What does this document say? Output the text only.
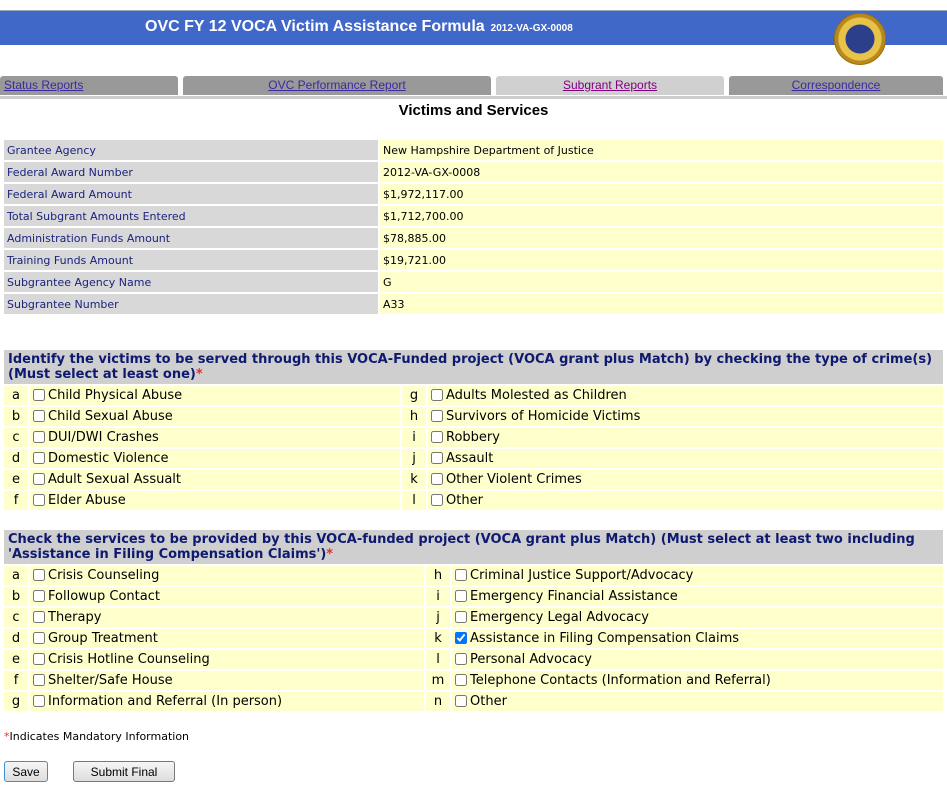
OVC FY 12 VOCA Victim Assistance Formula 2012-VA-GX-0008
Status Reports	OVC Performance Report	Subgrant Reports	Correspondence
Victims and Services
Grantee Agency	New Hampshire Department of Justice
Federal Award Number	2012-VA-GX-0008
Federal Award Amount	$1,972,117.00
Total Subgrant Amounts Entered	$1,712,700.00
Administration Funds Amount	$78,885.00
Training Funds Amount	$19,721.00
Subgrantee Agency Name	G
Subgrantee Number	A33
Identify the victims to be served through this VOCA-Funded project (VOCA grant plus Match) by checking the type of crime(s) (Must select at least one)*			
a	Child Physical Abuse	g	Adults Molested as Children
b	Child Sexual Abuse	h	Survivors of Homicide Victims
c	DUI/DWI Crashes	i	Robbery
d	Domestic Violence	j	Assault
e	Adult Sexual Assualt	k	Other Violent Crimes
f	Elder Abuse	l	Other
Check the services to be provided by this VOCA-funded project (VOCA grant plus Match) (Must select at least two including 'Assistance in Filing Compensation Claims')*			
a	Crisis Counseling	h	Criminal Justice Support/Advocacy
b	Followup Contact	i	Emergency Financial Assistance
c	Therapy	j	Emergency Legal Advocacy
d	Group Treatment	k	Assistance in Filing Compensation Claims
e	Crisis Hotline Counseling	l	Personal Advocacy
f	Shelter/Safe House	m	Telephone Contacts (Information and Referral)
g	Information and Referral (In person)	n	Other
*Indicates Mandatory Information
Save	Submit Final
